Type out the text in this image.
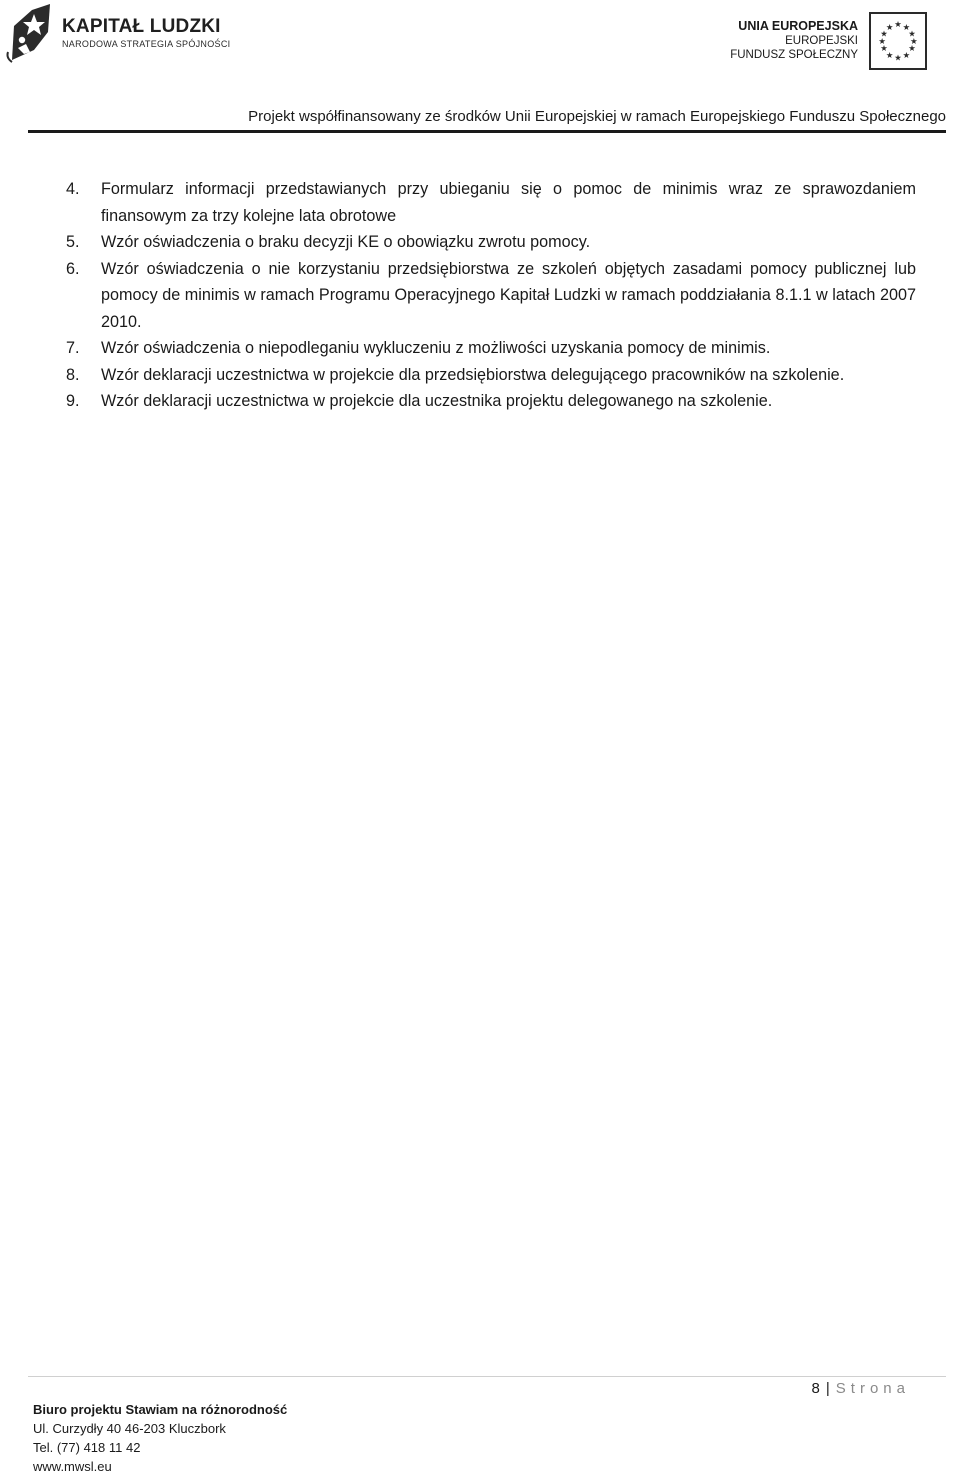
KAPITAŁ LUDZKI
NARODOWA STRATEGIA SPÓJNOŚCI
UNIA EUROPEJSKA
EUROPEJSKI
FUNDUSZ SPOŁECZNY
★ ★
★
★
★
★
★
★
★
★
★
★
Projekt współfinansowany ze środków Unii Europejskiej w ramach Europejskiego Funduszu Społecznego
4. Formularz informacji przedstawianych przy ubieganiu się o pomoc de minimis wraz ze sprawozdaniem finansowym za trzy kolejne lata obrotowe
5. Wzór oświadczenia o braku decyzji KE o obowiązku zwrotu pomocy.
6. Wzór oświadczenia o nie korzystaniu przedsiębiorstwa ze szkoleń objętych zasadami pomocy publicznej lub pomocy de minimis w ramach Programu Operacyjnego Kapitał Ludzki w ramach poddziałania 8.1.1 w latach 2007 2010.
7. Wzór oświadczenia o niepodleganiu wykluczeniu z możliwości uzyskania pomocy de minimis.
8. Wzór deklaracji uczestnictwa w projekcie dla przedsiębiorstwa delegującego pracowników na szkolenie.
9. Wzór deklaracji uczestnictwa w projekcie dla uczestnika projektu delegowanego na szkolenie.
8 | Strona
Biuro projektu Stawiam na różnorodność
Ul. Curzydły 40 46-203 Kluczbork
Tel. (77) 418 11 42
www.mwsl.eu
